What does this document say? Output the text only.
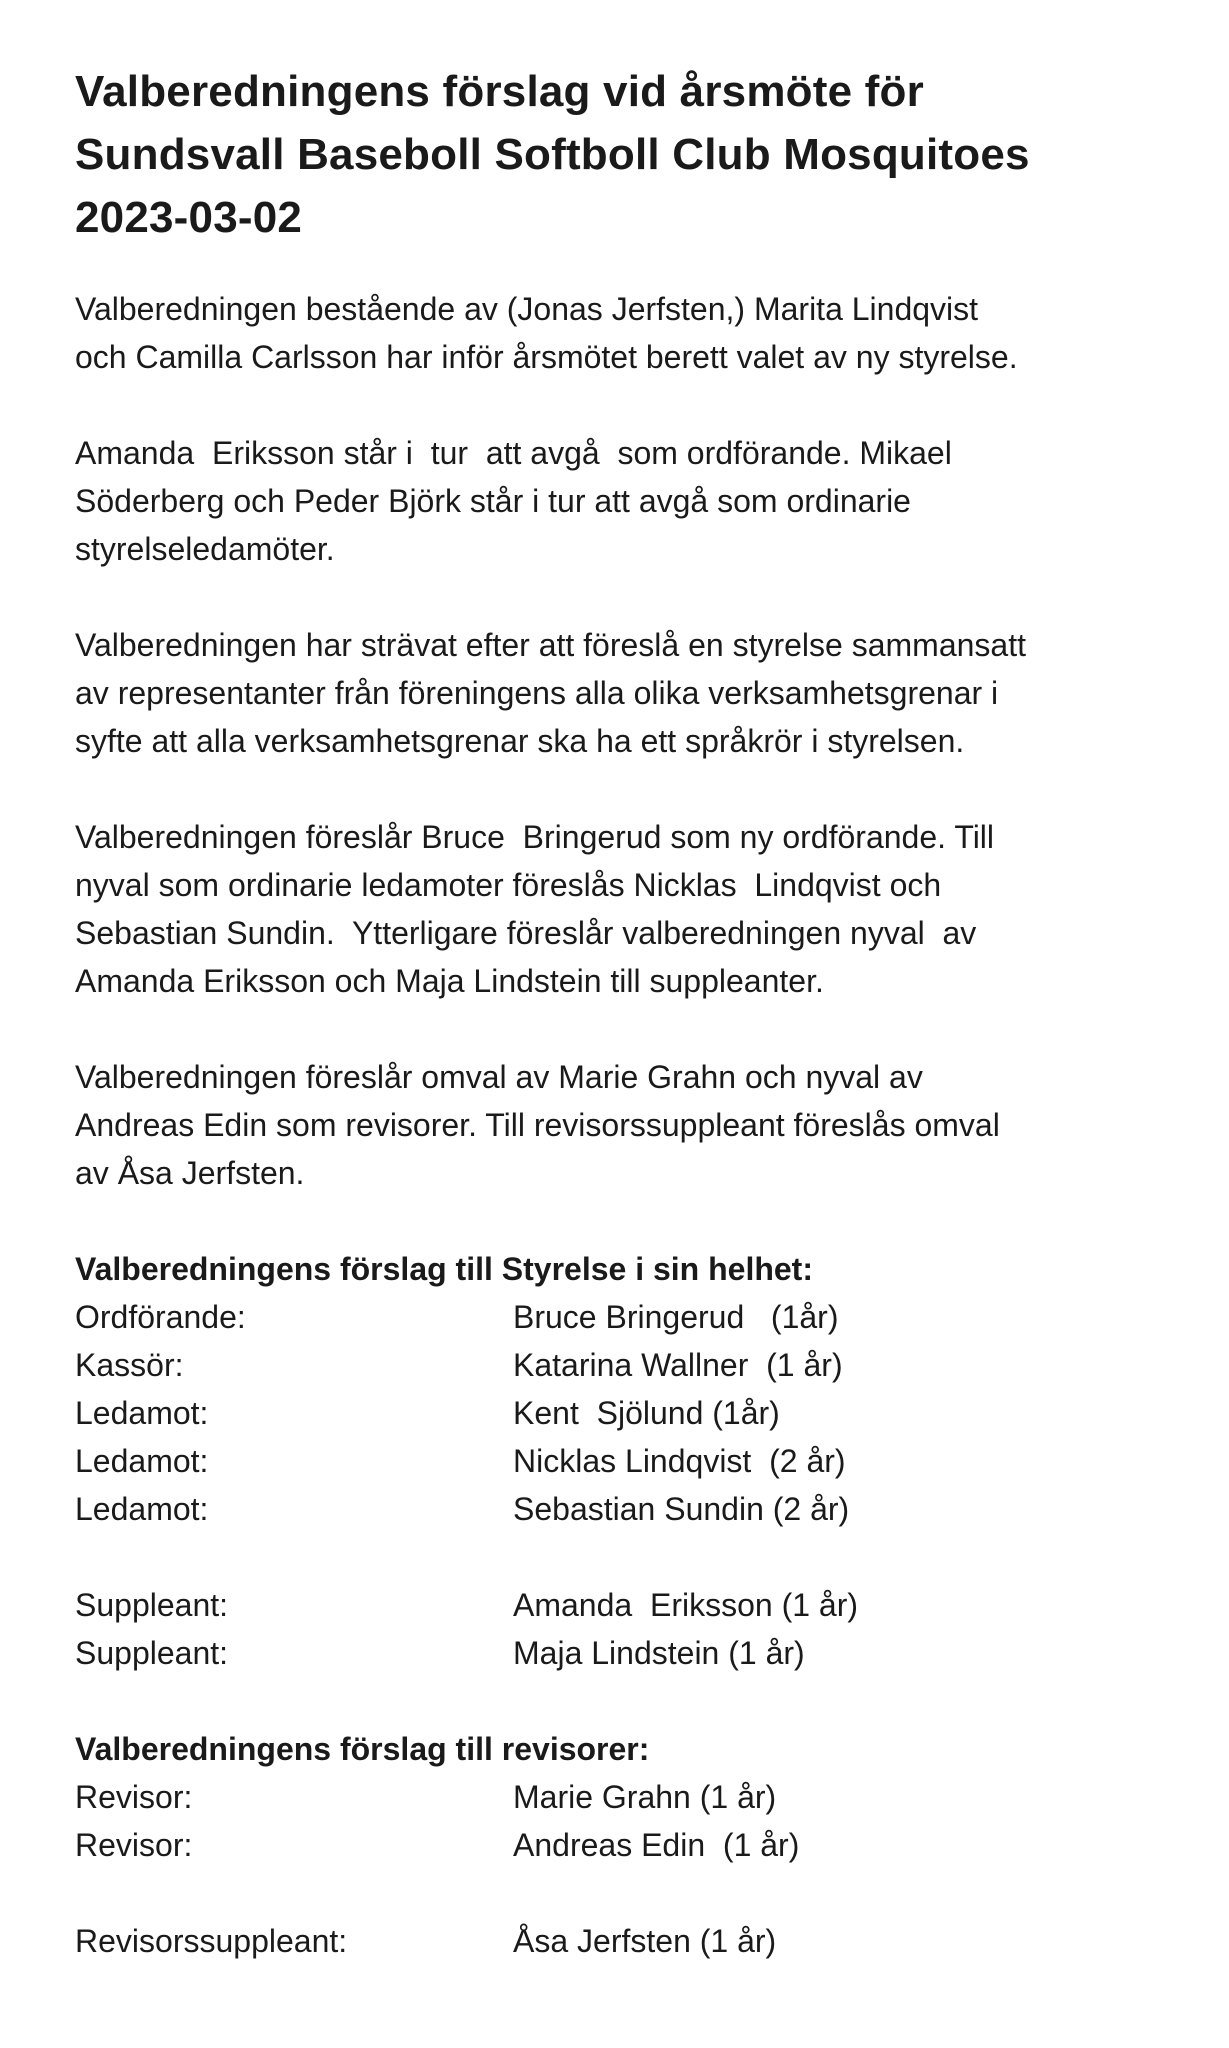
Valberedningens förslag vid årsmöte för
Sundsvall Baseboll Softboll Club Mosquitoes
2023-03-02
Valberedningen bestående av (Jonas Jerfsten,) Marita Lindqvist
och Camilla Carlsson har inför årsmötet berett valet av ny styrelse.
Amanda  Eriksson står i  tur  att avgå  som ordförande. Mikael
Söderberg och Peder Björk står i tur att avgå som ordinarie
styrelseledamöter.
Valberedningen har strävat efter att föreslå en styrelse sammansatt
av representanter från föreningens alla olika verksamhetsgrenar i
syfte att alla verksamhetsgrenar ska ha ett språkrör i styrelsen.
Valberedningen föreslår Bruce  Bringerud som ny ordförande. Till
nyval som ordinarie ledamoter föreslås Nicklas  Lindqvist och
Sebastian Sundin.  Ytterligare föreslår valberedningen nyval  av
Amanda Eriksson och Maja Lindstein till suppleanter.
Valberedningen föreslår omval av Marie Grahn och nyval av
Andreas Edin som revisorer. Till revisorssuppleant föreslås omval
av Åsa Jerfsten.
Valberedningens förslag till Styrelse i sin helhet:
Ordförande:	Bruce Bringerud   (1år)
Kassör:	Katarina Wallner  (1 år)
Ledamot:	Kent  Sjölund (1år)
Ledamot:	Nicklas Lindqvist  (2 år)
Ledamot:	Sebastian Sundin (2 år)
Suppleant:	Amanda  Eriksson (1 år)
Suppleant:	Maja Lindstein (1 år)
Valberedningens förslag till revisorer:
Revisor:	Marie Grahn (1 år)
Revisor:	Andreas Edin  (1 år)
Revisorssuppleant:	Åsa Jerfsten (1 år)
